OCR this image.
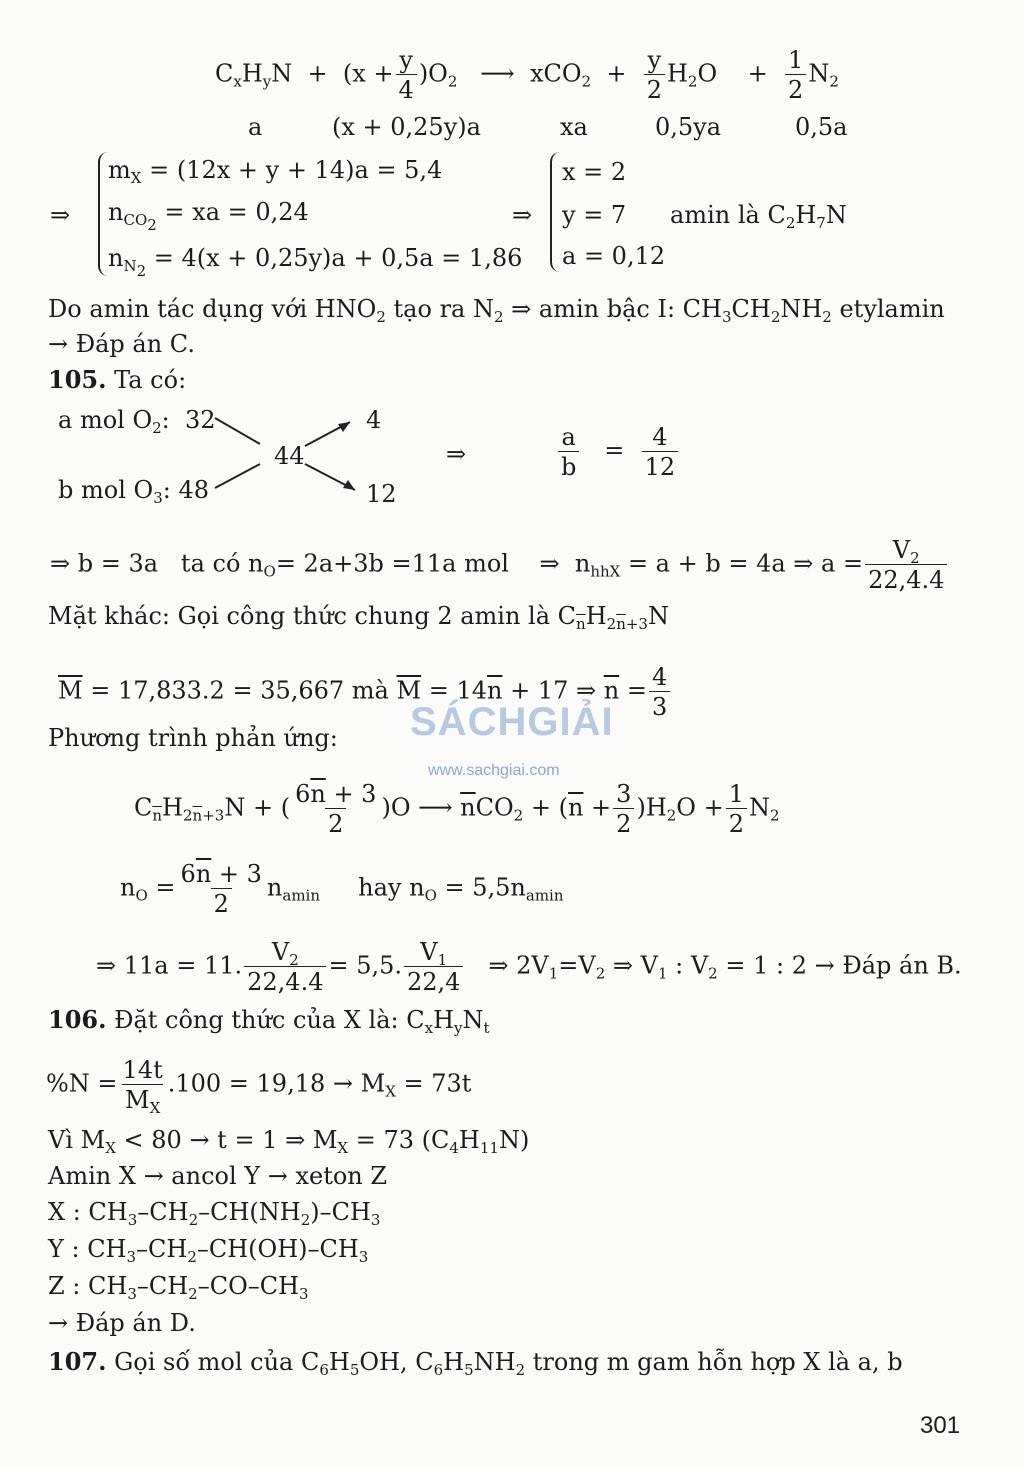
$C_xH_yN + (x + \frac{y}{4} )O_2$   ⟶  $xCO_2 + \frac{y}{2} H_2O$    + $\frac{1}{2} N_2$
a	(x + 0,25y)a	xa	0,5ya	0,5a
⇒
$m_X = (12x + y + 14)a = 5,4$
$n_{CO_2}$ = xa = 0,24
$n_{N_2} = 4(x + 0,25y)a + 0,5a = 1,86$
⇒
x = 2
y = 7
a = 0,12
amin là $C_2H_7N$
Do amin tác dụng với $HNO_2$ tạo ra $N_2$ ⇒ amin bậc I: $CH_3CH_2NH_2$ etylamin
→ Đáp án C.
105. Ta có:
a mol $O_2$:  32
b mol $O_3$: 48
44
4
12
⇒	$\frac{a}{b} = \frac{4}{12}$
⇒ b = 3a   ta có $n_O= 2a+3b =11a$ mol    ⇒  $n_{hhX} = a + b = 4a$ ⇒ $a = \frac{V_2}{22,4.4}$
Mặt khác: Gọi công thức chung 2 amin là $C_{\overline{n}}H_{2\overline{n}+3}N$
$\overline{M} = 17,833.2 = 35,667$ mà $\overline{M} = 14\overline{n} + 17$ ⇒ $\overline{n} = \frac{4}{3}$
Phương trình phản ứng:
$C_{\overline{n}}H_{2\overline{n}+3}N$ + ( $\frac{6\overline{n} + 3}{2} )O$ ⟶ $\overline{n}CO_2 + (\overline{n} + \frac{3}{2} )H_2O + \frac{1}{2} N_2$
$n_O = \frac{6\overline{n} + 3}{2} n_{amin}$     hay $n_O = 5,5n_{amin}$
⇒ 11a = 11. $\frac{V_2}{22,4.4} = 5,5$. $\frac{V_1}{22,4}$ ⇒ $2V_1=V_2$ ⇒ $V_1$ : $V_2 = 1$ : 2 → Đáp án B.
106. Đặt công thức của X là: $C_xH_yN_t$
$\%N = \frac{14t}{M_X} .100 = 19,18 \to M_X = 73t$
Vì $M_X < 80 \to t = 1$ ⇒ $M_X = 73$ $(C_4H_{11}N)$
Amin X → ancol Y → xeton Z
X : $CH_3-CH_2-CH(NH_2)-CH_3$
Y : $CH_3-CH_2-CH(OH)-CH_3$
Z : $CH_3-CH_2-CO-CH_3$
→ Đáp án D.
107. Gọi số mol của $C_6H_5OH$, $C_6H_5NH_2$ trong m gam hỗn hợp X là a, b
SÁCHGIẢI
www.sachgiai.com
301
